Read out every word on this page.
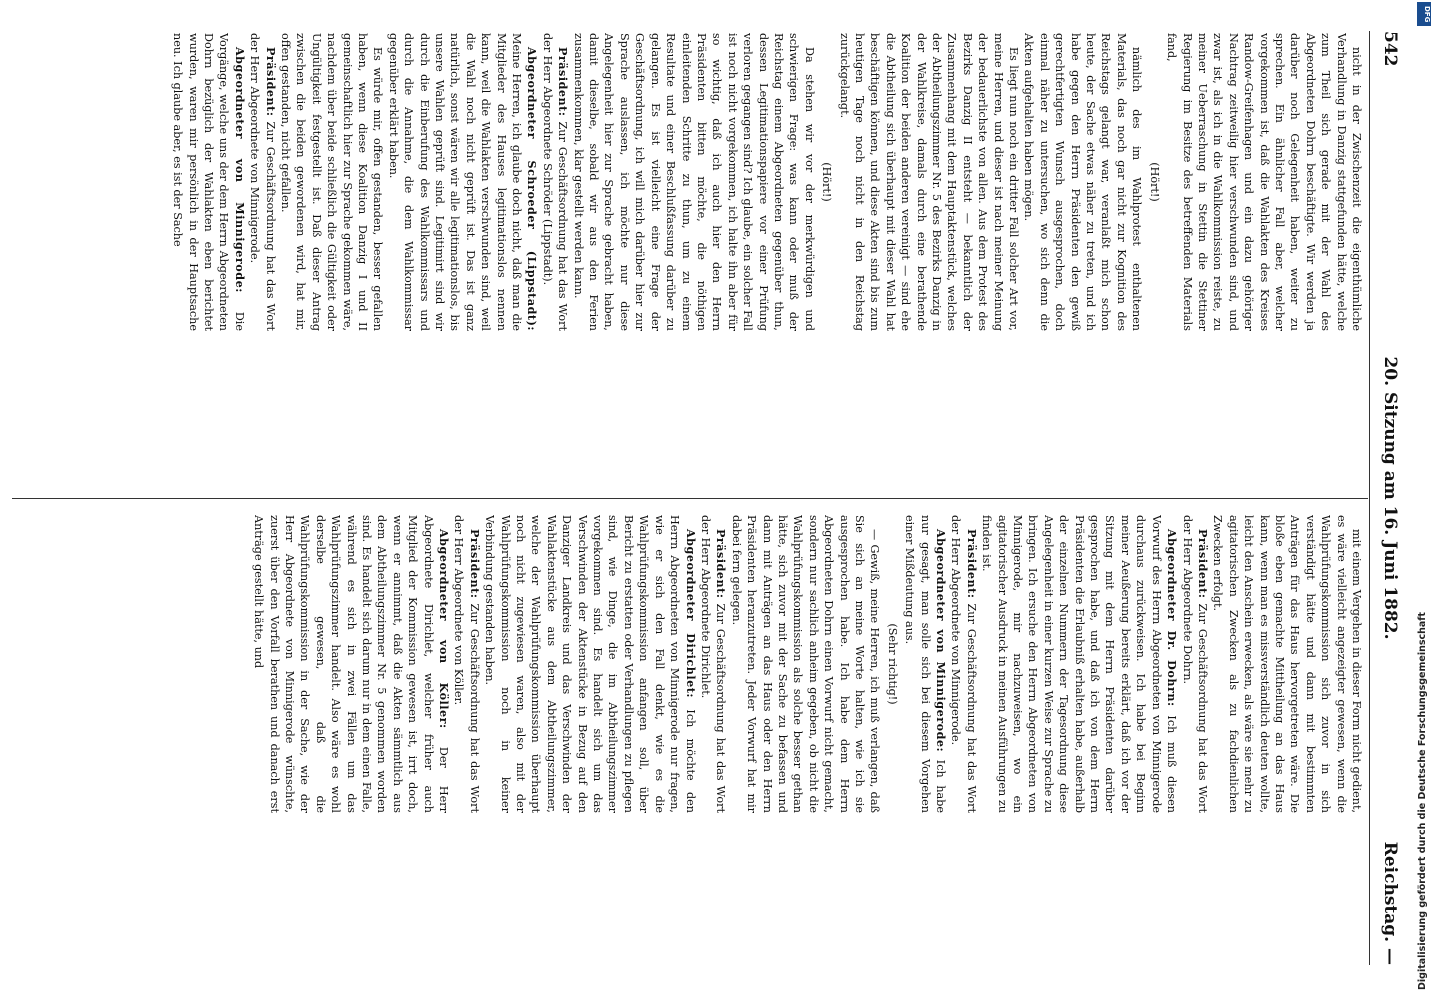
542
20. Sitzung am 16. Juni 1882.
Reichstag. —

nicht in der Zwischenzeit die eigenthümliche Verhandlung in Danzig stattgefunden hätte, welche zum Theil sich gerade mit der Wahl des Abgeordneten Dohrn beschäftigte. Wir werden ja darüber noch Gelegenheit haben, weiter zu sprechen. Ein ähnlicher Fall aber, welcher vorgekommen ist, daß die Wahlakten des Kreises Randow-Greifenhagen und ein dazu gehöriger Nachtrag zeitweilig hier verschwunden sind, und zwar ist, als ich in die Wahlkommission reiste, zu meiner Ueberraschung in Stettin die Stettiner Regierung im Besitze des betreffenden Materials fand,

(Hört!)

nämlich des im Wahlprotest enthaltenen Materials, das noch gar nicht zur Kognition des Reichstags gelangt war, veranlaßt mich schon heute, der Sache etwas näher zu treten, und ich habe gegen den Herrn Präsidenten den gewiß gerechtfertigten Wunsch ausgesprochen, doch einmal näher zu untersuchen, wo sich denn die Akten aufgehalten haben mögen.

Es liegt nun noch ein dritter Fall solcher Art vor, meine Herren, und dieser ist nach meiner Meinung der bedauerlichste von allen. Aus dem Protest des Bezirks Danzig II entsteht — bekanntlich der Zusammenhang mit dem Hauptaktenstück, welches der Abtheilungszimmer Nr. 5 des Bezirks Danzig in der Wahlkreise, damals durch eine berathende Koalition der beiden anderen vereinigt — sind ehe die Abtheilung sich überhaupt mit dieser Wahl hat beschäftigen können, und diese Akten sind bis zum heutigen Tage noch nicht in den Reichstag zurückgelangt.

(Hört!)

Da stehen wir vor der merkwürdigen und schwierigen Frage: was kann oder muß der Reichstag einem Abgeordneten gegenüber thun, dessen Legitimationspapiere vor einer Prüfung verloren gegangen sind? Ich glaube, ein solcher Fall ist noch nicht vorgekommen, ich halte ihn aber für so wichtig, daß ich auch hier den Herrn Präsidenten bitten möchte, die nöthigen einleitenden Schritte zu thun, um zu einem Resultate und einer Beschlußfassung darüber zu gelangen. Es ist vielleicht eine Frage der Geschäftsordnung, ich will mich darüber hier zur Sprache auslassen, ich möchte nur diese Angelegenheit hier zur Sprache gebracht haben, damit dieselbe, sobald wir aus den Ferien zusammenkommen, klar gestellt werden kann.

Präsident: Zur Geschäftsordnung hat das Wort der Herr Abgeordnete Schröder (Lippstadt).

Abgeordneter Schroeder (Lippstadt): Meine Herren, ich glaube doch nicht, daß man die Mitglieder des Hauses legitimationslos nennen kann, weil die Wahlakten verschwunden sind, weil die Wahl noch nicht geprüft ist. Das ist ganz natürlich, sonst wären wir alle legitimationslos, bis unsere Wahlen geprüft sind. Legitimirt sind wir durch die Einberufung des Wahlkommissars und durch die Annahme, die dem Wahlkommissar gegenüber erklärt haben.

Es würde mir, offen gestanden, besser gefallen haben, wenn diese Koalition Danzig I und II gemeinschaftlich hier zur Sprache gekommen wäre, nachdem über beide schließlich die Gültigkeit oder Ungültigkeit festgestellt ist. Daß dieser Antrag zwischen die beiden gewordenen wird, hat mir, offen gestanden, nicht gefallen.

Präsident: Zur Geschäftsordnung hat das Wort der Herr Abgeordnete von Minnigerode.

Abgeordneter von Minnigerode: Die Vorgänge, welche uns der dem Herrn Abgeordneten Dohrn bezüglich der Wahlakten eben berichtet wurden, waren mir persönlich in der Hauptsache neu. Ich glaube aber, es ist der Sache

mit einem Vergehen in dieser Form nicht gedient, es wäre vielleicht angezeigter gewesen, wenn die Wahlprüfungskommission sich zuvor in sich verständigt hätte und dann mit bestimmten Anträgen für das Haus hervorgetreten wäre. Die bloße eben gemachte Mittheilung an das Haus kann, wenn man es missverständlich deuten wollte, leicht den Anschein erwecken, als wäre sie mehr zu agitatorischen Zwecken als zu fachdienlichen Zwecken erfolgt.

Präsident: Zur Geschäftsordnung hat das Wort der Herr Abgeordnete Dohrn.

Abgeordneter Dr. Dohrn: Ich muß diesen Vorwurf des Herrn Abgeordneten von Minnigerode durchaus zurückweisen. Ich habe bei Beginn meiner Aeußerung bereits erklärt, daß ich vor der Sitzung mit dem Herrn Präsidenten darüber gesprochen habe, und daß ich von dem Herrn Präsidenten die Erlaubniß erhalten habe, außerhalb der einzelnen Nummern der Tagesordnung diese Angelegenheit in einer kurzen Weise zur Sprache zu bringen. Ich ersuche den Herrn Abgeordneten von Minnigerode, mir nachzuweisen, wo ein agitatorischer Ausdruck in meinen Ausführungen zu finden ist.

Präsident: Zur Geschäftsordnung hat das Wort der Herr Abgeordnete von Minnigerode.

Abgeordneter von Minnigerode: Ich habe nur gesagt, man solle sich bei diesem Vorgehen einer Mißdeutung aus.

(Sehr richtig!)

— Gewiß, meine Herren, ich muß verlangen, daß Sie sich an meine Worte halten, wie ich sie ausgesprochen habe. Ich habe dem Herrn Abgeordneten Dohrn einen Vorwurf nicht gemacht, sondern nur sachlich anheim gegeben, ob nicht die Wahlprüfungskommission als solche besser gethan hätte, sich zuvor mit der Sache zu befassen und dann mit Anträgen an das Haus oder den Herrn Präsidenten heranzutreten. Jeder Vorwurf hat mir dabei fern gelegen.

Präsident: Zur Geschäftsordnung hat das Wort der Herr Abgeordnete Dirichlet.

Abgeordneter Dirichlet: Ich möchte den Herrn Abgeordneten von Minnigerode nur fragen, wie er sich den Fall denkt, wie es die Wahlprüfungskommission anfangen soll, über Bericht zu erstatten oder Verhandlungen zu pflegen sind, wie Dinge, die im Abtheilungszimmer vorgekommen sind. Es handelt sich um das Verschwinden der Aktenstücke in Bezug auf den Danziger Landkreis und das Verschwinden der Wahlaktenstücke aus dem Abtheilungszimmer, welche der Wahlprüfungskommission überhaupt noch nicht zugewiesen waren, also mit der Wahlprüfungskommission noch in keiner Verbindung gestanden haben.

Präsident: Zur Geschäftsordnung hat das Wort der Herr Abgeordnete von Köller.

Abgeordneter von Köller: Der Herr Abgeordnete Dirichlet, welcher früher auch Mitglied der Kommission gewesen ist, irrt doch, wenn er annimmt, daß die Akten sämmtlich aus dem Abtheilungszimmer Nr. 5 genommen worden sind. Es handelt sich darum nur in dem einen Falle, während es sich in zwei Fällen um das Wahlprüfungszimmer handelt. Also wäre es wohl derselbe gewesen, daß die Wahlprüfungskommission in der Sache, wie der Herr Abgeordnete von Minnigerode wünschte, zuerst über den Vorfall berathen und danach erst Anträge gestellt hätte, und

Digitalisierung gefördert durch die Deutsche Forschungsgemeinschaft
DFG
